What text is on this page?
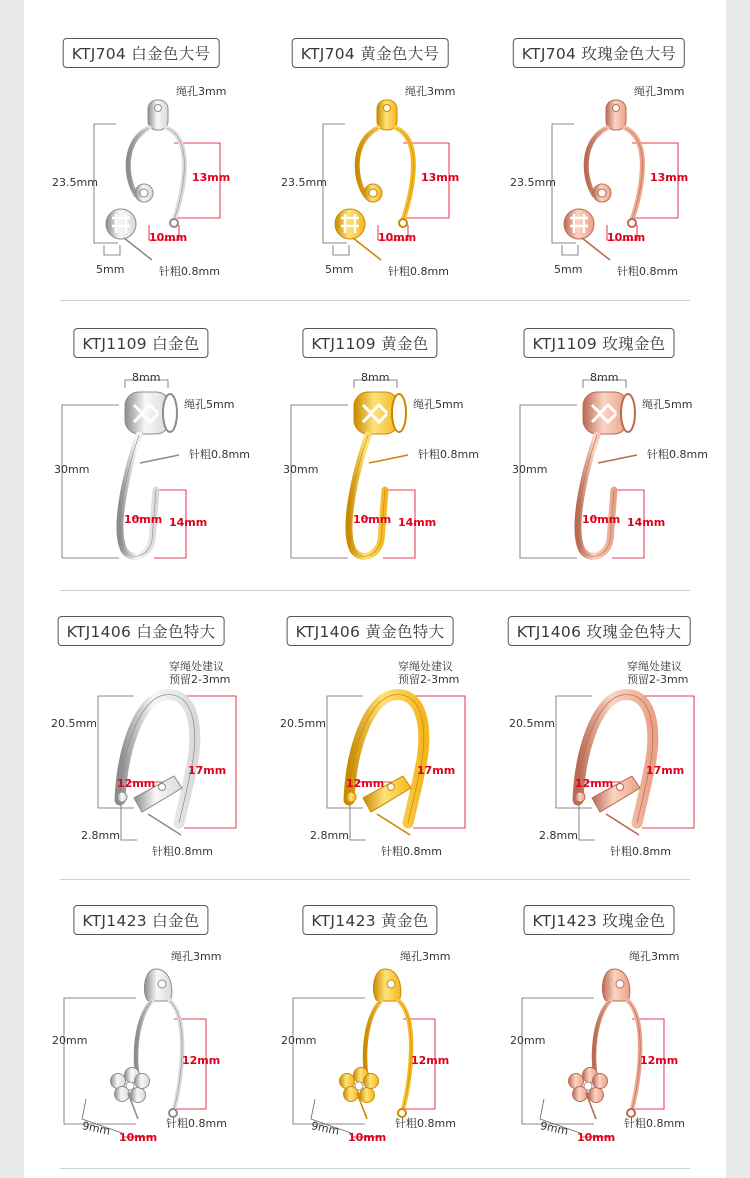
KTJ704 白金色大号
绳孔3mm
23.5mm	13mm
10mm
5mm	针粗0.8mm
KTJ704 黄金色大号
绳孔3mm
23.5mm	13mm
10mm
5mm	针粗0.8mm
KTJ704 玫瑰金色大号
绳孔3mm
23.5mm	13mm
10mm
5mm	针粗0.8mm
KTJ1109 白金色
8mm
绳孔5mm
针粗0.8mm
30mm
10mm 14mm
KTJ1109 黄金色
8mm
绳孔5mm
针粗0.8mm
30mm
10mm 14mm
KTJ1109 玫瑰金色
8mm
绳孔5mm
针粗0.8mm
30mm
10mm 14mm
KTJ1406 白金色特大
穿绳处建议
预留2-3mm
20.5mm
12mm
17mm
2.8mm
针粗0.8mm
KTJ1406 黄金色特大
穿绳处建议
预留2-3mm
20.5mm
12mm
17mm
2.8mm
针粗0.8mm
KTJ1406 玫瑰金色特大
穿绳处建议
预留2-3mm
20.5mm
12mm
17mm
2.8mm
针粗0.8mm
KTJ1423 白金色
绳孔3mm
20mm
12mm
9mm 10mm
针粗0.8mm
KTJ1423 黄金色
绳孔3mm
20mm
12mm
9mm 10mm
针粗0.8mm
KTJ1423 玫瑰金色
绳孔3mm
20mm
12mm
9mm 10mm
针粗0.8mm
